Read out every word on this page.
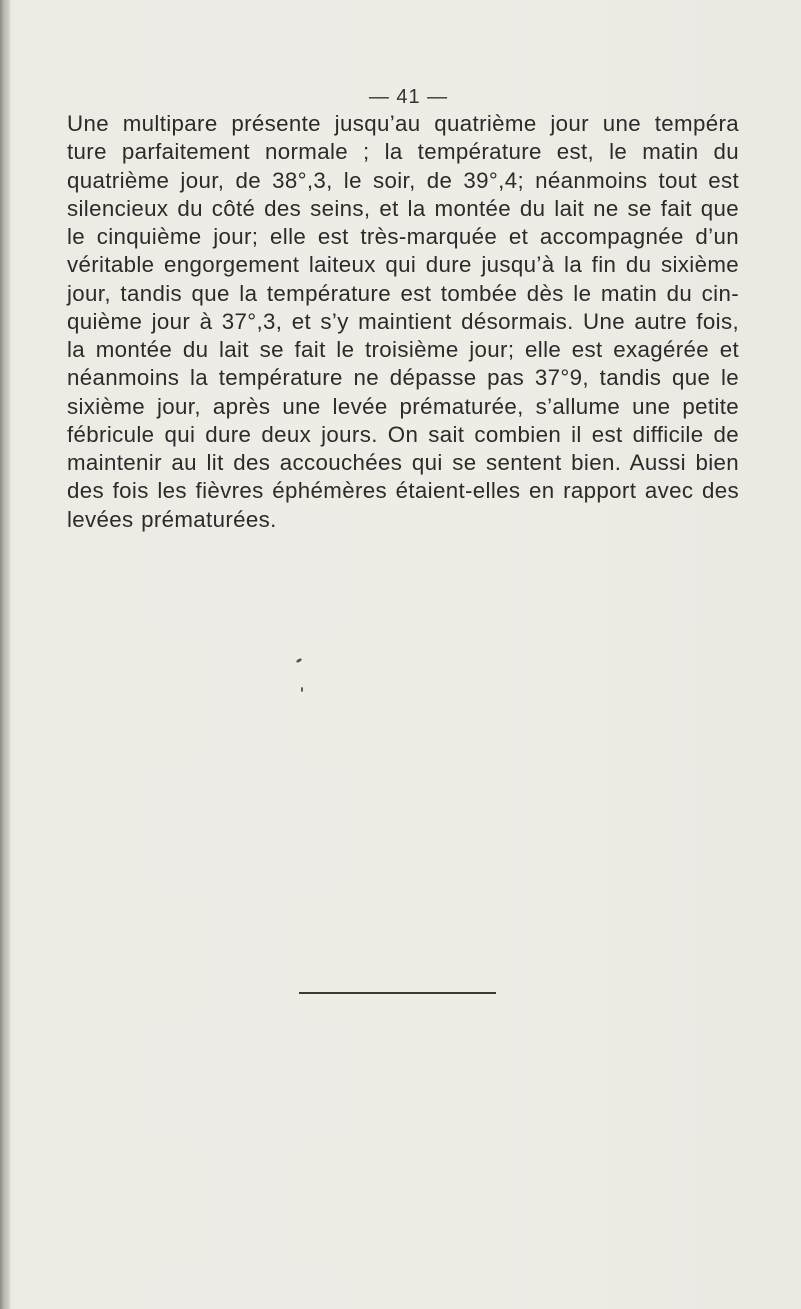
— 41 —

Une multipare présente jusqu’au quatrième jour une tempéra ture parfaitement normale ; la température est, le matin du quatrième jour, de 38°,3, le soir, de 39°,4; néanmoins tout est silencieux du côté des seins, et la montée du lait ne se fait que le cinquième jour; elle est très-marquée et accompagnée d’un véritable engorgement laiteux qui dure jusqu’à la fin du sixième jour, tandis que la température est tombée dès le matin du cin- quième jour à 37°,3, et s’y maintient désormais. Une autre fois, la montée du lait se fait le troisième jour; elle est exagérée et néanmoins la température ne dépasse pas 37°9, tandis que le sixième jour, après une levée prématurée, s’allume une petite fébricule qui dure deux jours. On sait combien il est difficile de maintenir au lit des accouchées qui se sentent bien. Aussi bien des fois les fièvres éphémères étaient-elles en rapport avec des levées prématurées.
